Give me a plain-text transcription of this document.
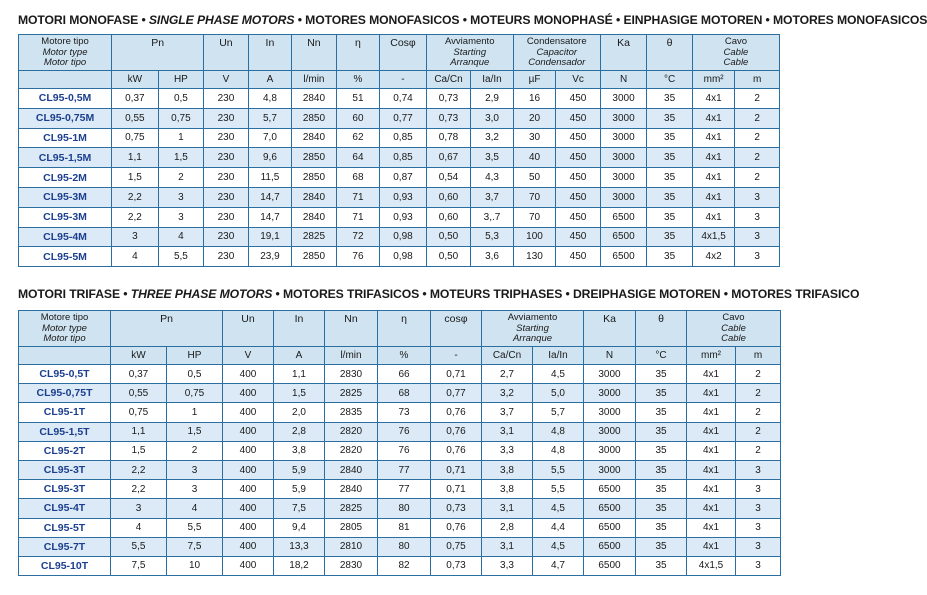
MOTORI MONOFASE • SINGLE PHASE MOTORS • MOTORES MONOFASICOS • MOTEURS MONOPHASÉ • EINPHASIGE MOTOREN • MOTORES MONOFASICOS
Motore tipo
Motor type
Motor tipo	Pn		Un	In	Nn	η	Cosφ	Avviamento
Starting
Arranque		Condensatore
Capacitor
Condensador		Ka	θ	Cavo
Cable
Cable	

	kW	HP	V	A	l/min	%	-	Ca/Cn	Ia/In	µF	Vc	N	°C	mm²	m
CL95-0,5M	0,37	0,5	230	4,8	2840	51	0,74	0,73	2,9	16	450	3000	35	4x1	2
CL95-0,75M	0,55	0,75	230	5,7	2850	60	0,77	0,73	3,0	20	450	3000	35	4x1	2
CL95-1M	0,75	1	230	7,0	2840	62	0,85	0,78	3,2	30	450	3000	35	4x1	2
CL95-1,5M	1,1	1,5	230	9,6	2850	64	0,85	0,67	3,5	40	450	3000	35	4x1	2
CL95-2M	1,5	2	230	11,5	2850	68	0,87	0,54	4,3	50	450	3000	35	4x1	2
CL95-3M	2,2	3	230	14,7	2840	71	0,93	0,60	3,7	70	450	3000	35	4x1	3
CL95-3M	2,2	3	230	14,7	2840	71	0,93	0,60	3,.7	70	450	6500	35	4x1	3
CL95-4M	3	4	230	19,1	2825	72	0,98	0,50	5,3	100	450	6500	35	4x1,5	3
CL95-5M	4	5,5	230	23,9	2850	76	0,98	0,50	3,6	130	450	6500	35	4x2	3
MOTORI TRIFASE • THREE PHASE MOTORS • MOTORES TRIFASICOS • MOTEURS TRIPHASES • DREIPHASIGE MOTOREN • MOTORES TRIFASICO
Motore tipo
Motor type
Motor tipo	Pn		Un	In	Nn	η	cosφ	Avviamento
Starting
Arranque		Ka	θ	Cavo
Cable
Cable	

	kW	HP	V	A	l/min	%	-	Ca/Cn	Ia/In	N	°C	mm²	m
CL95-0,5T	0,37	0,5	400	1,1	2830	66	0,71	2,7	4,5	3000	35	4x1	2
CL95-0,75T	0,55	0,75	400	1,5	2825	68	0,77	3,2	5,0	3000	35	4x1	2
CL95-1T	0,75	1	400	2,0	2835	73	0,76	3,7	5,7	3000	35	4x1	2
CL95-1,5T	1,1	1,5	400	2,8	2820	76	0,76	3,1	4,8	3000	35	4x1	2
CL95-2T	1,5	2	400	3,8	2820	76	0,76	3,3	4,8	3000	35	4x1	2
CL95-3T	2,2	3	400	5,9	2840	77	0,71	3,8	5,5	3000	35	4x1	3
CL95-3T	2,2	3	400	5,9	2840	77	0,71	3,8	5,5	6500	35	4x1	3
CL95-4T	3	4	400	7,5	2825	80	0,73	3,1	4,5	6500	35	4x1	3
CL95-5T	4	5,5	400	9,4	2805	81	0,76	2,8	4,4	6500	35	4x1	3
CL95-7T	5,5	7,5	400	13,3	2810	80	0,75	3,1	4,5	6500	35	4x1	3
CL95-10T	7,5	10	400	18,2	2830	82	0,73	3,3	4,7	6500	35	4x1,5	3
